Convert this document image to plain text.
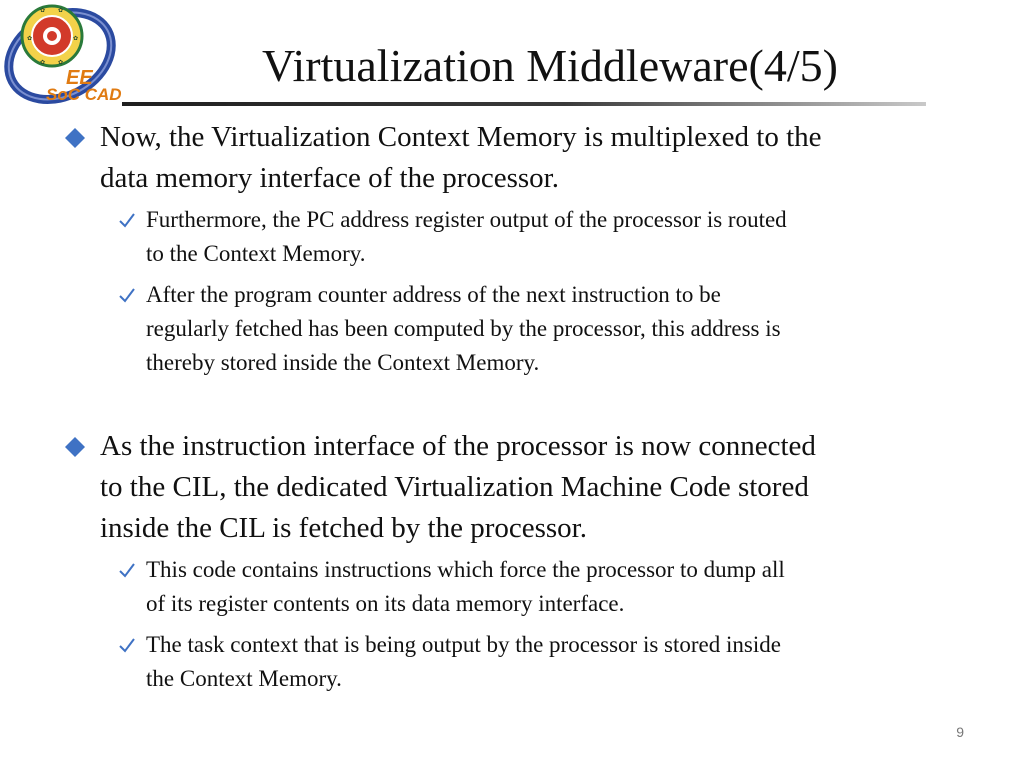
✿ ✿
✿	✿
✿ ✿
EE
SoC CAD
Virtualization Middleware(4/5)
Now, the Virtualization Context Memory is multiplexed to the
data memory interface of the processor.
Furthermore, the PC address register output of the processor is routed
to the Context Memory.
After the program counter address of the next instruction to be
regularly fetched has been computed by the processor, this address is
thereby stored inside the Context Memory.
As the instruction interface of the processor is now connected
to the CIL, the dedicated Virtualization Machine Code stored
inside the CIL is fetched by the processor.
This code contains instructions which force the processor to dump all
of its register contents on its data memory interface.
The task context that is being output by the processor is stored inside
the Context Memory.
9
